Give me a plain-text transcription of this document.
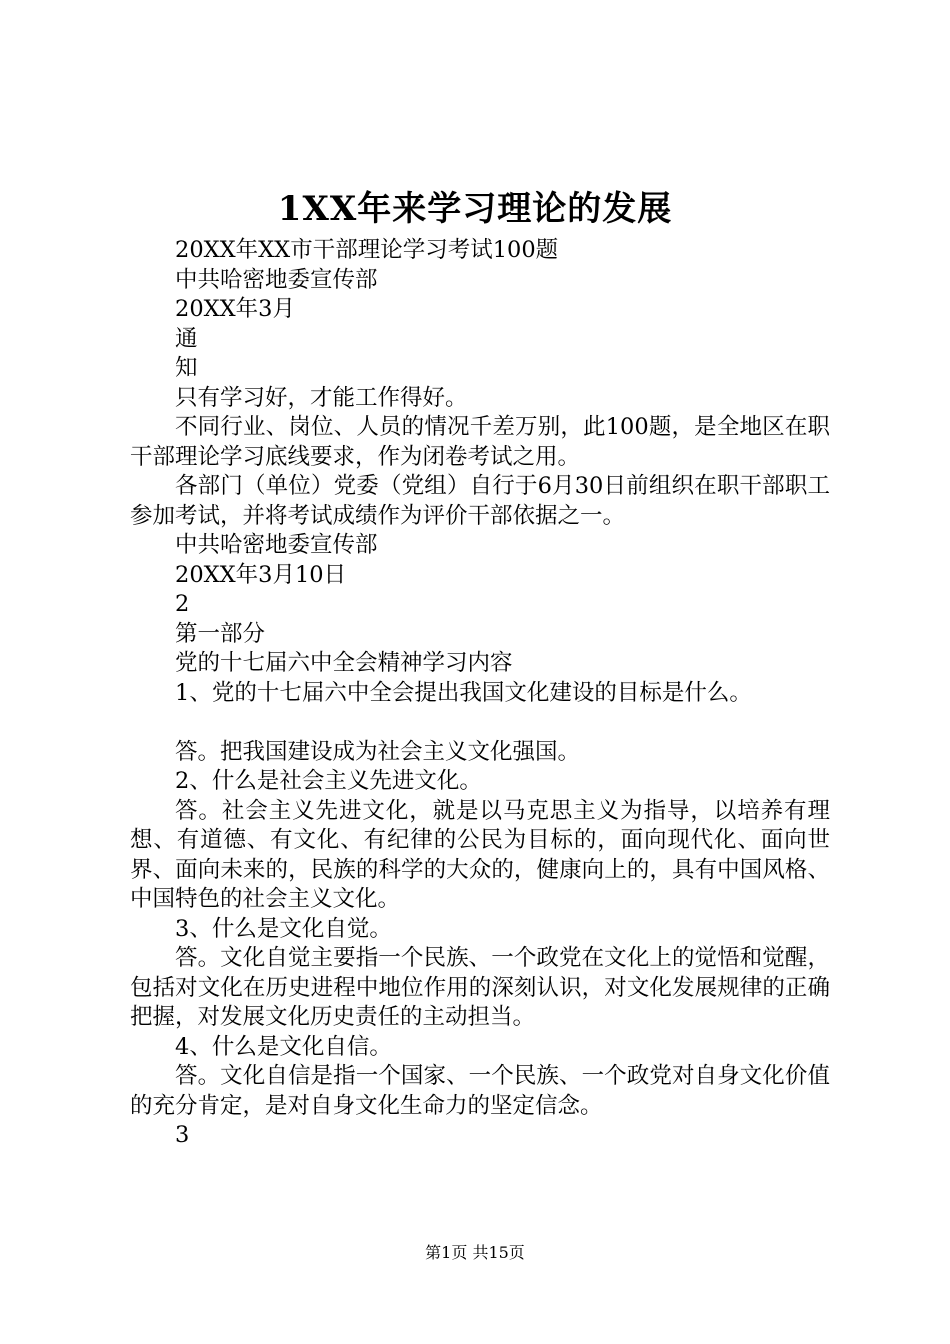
1XX年来学习理论的发展

20XX年XX市干部理论学习考试100题

中共哈密地委宣传部

20XX年3月

通

知

只有学习好，才能工作得好。

不同行业、岗位、人员的情况千差万别，此100题，是全地区在职干部理论学习底线要求，作为闭卷考试之用。

各部门（单位）党委（党组）自行于6月30日前组织在职干部职工参加考试，并将考试成绩作为评价干部依据之一。

中共哈密地委宣传部

20XX年3月10日

2

第一部分

党的十七届六中全会精神学习内容

1、党的十七届六中全会提出我国文化建设的目标是什么。

答。把我国建设成为社会主义文化强国。

2、什么是社会主义先进文化。

答。社会主义先进文化，就是以马克思主义为指导，以培养有理想、有道德、有文化、有纪律的公民为目标的，面向现代化、面向世界、面向未来的，民族的科学的大众的，健康向上的，具有中国风格、中国特色的社会主义文化。

3、什么是文化自觉。

答。文化自觉主要指一个民族、一个政党在文化上的觉悟和觉醒，包括对文化在历史进程中地位作用的深刻认识，对文化发展规律的正确把握，对发展文化历史责任的主动担当。

4、什么是文化自信。

答。文化自信是指一个国家、一个民族、一个政党对自身文化价值的充分肯定，是对自身文化生命力的坚定信念。

3

第1页 共15页
